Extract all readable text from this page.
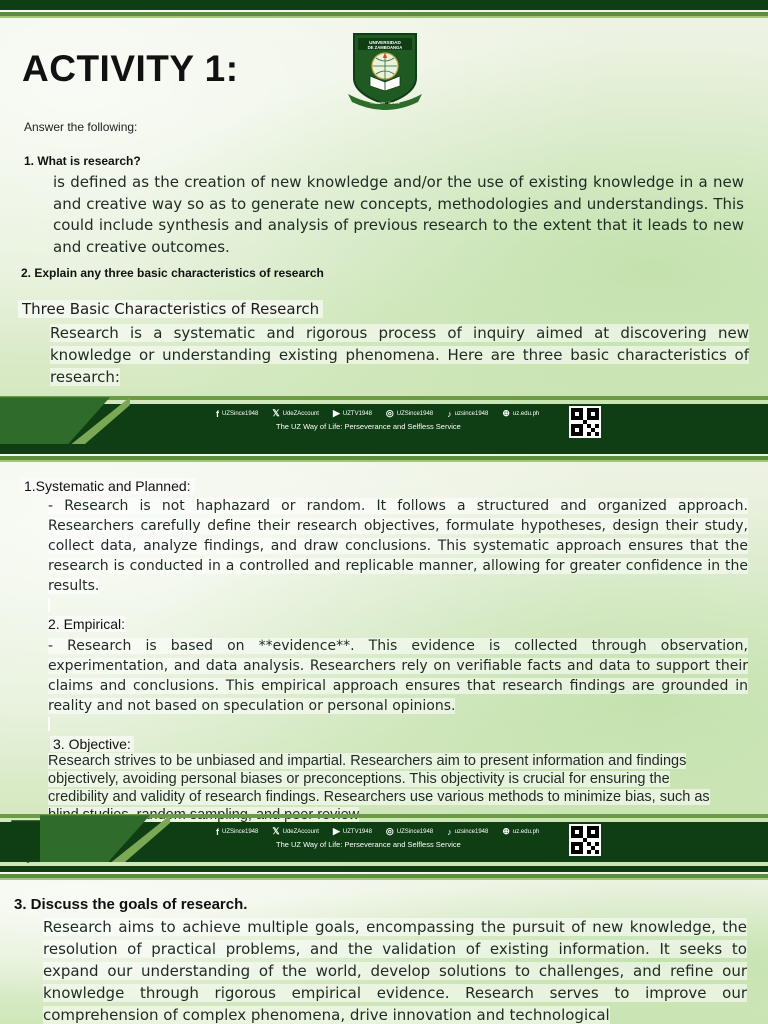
ACTIVITY 1:
UNIVERSIDAD
DE ZAMBOANGA
Character · Service
Answer the following:
1. What is research?
is defined as the creation of new knowledge and/or the use of existing knowledge in a new and creative way so as to generate new concepts, methodologies and understandings. This could include synthesis and analysis of previous research to the extent that it leads to new and creative outcomes.
2. Explain any three basic characteristics of research
Three Basic Characteristics of Research
Research is a systematic and rigorous process of inquiry aimed at discovering new knowledge or understanding existing phenomena. Here are three basic characteristics of research:
f UZSince1948 𝕏 UdeZAccount ▶ UZTV1948 ◎ UZSince1948 ♪ uzsince1948 ⊕ uz.edu.ph
The UZ Way of Life: Perseverance and Selfless Service
1.Systematic and Planned:
- Research is not haphazard or random. It follows a structured and organized approach. Researchers carefully define their research objectives, formulate hypotheses, design their study, collect data, analyze findings, and draw conclusions. This systematic approach ensures that the research is conducted in a controlled and replicable manner, allowing for greater confidence in the results.
2. Empirical:
- Research is based on **evidence**. This evidence is collected through observation, experimentation, and data analysis. Researchers rely on verifiable facts and data to support their claims and conclusions. This empirical approach ensures that research findings are grounded in reality and not based on speculation or personal opinions.
3. Objective:
Research strives to be unbiased and impartial. Researchers aim to present information and findings objectively, avoiding personal biases or preconceptions. This objectivity is crucial for ensuring the credibility and validity of research findings. Researchers use various methods to minimize bias, such as
f UZSince1948 𝕏 UdeZAccount ▶ UZTV1948 ◎ UZSince1948 ♪ uzsince1948 ⊕ uz.edu.ph
The UZ Way of Life: Perseverance and Selfless Service
3. Discuss the goals of research.
Research aims to achieve multiple goals, encompassing the pursuit of new knowledge, the resolution of practical problems, and the validation of existing information. It seeks to expand our understanding of the world, develop solutions to challenges, and refine our knowledge through rigorous empirical evidence. Research serves to improve our comprehension of complex phenomena, drive innovation and technological
